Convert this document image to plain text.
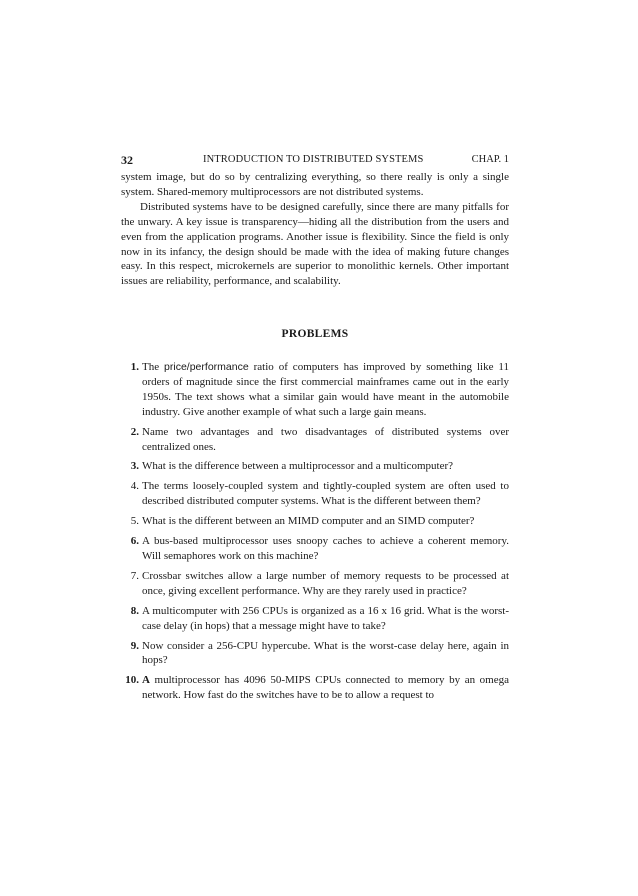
32	INTRODUCTION TO DISTRIBUTED SYSTEMS	CHAP. 1

system image, but do so by centralizing everything, so there really is only a single system. Shared-memory multiprocessors are not distributed systems.

Distributed systems have to be designed carefully, since there are many pitfalls for the unwary. A key issue is transparency—hiding all the distribution from the users and even from the application programs. Another issue is flexibility. Since the field is only now in its infancy, the design should be made with the idea of making future changes easy. In this respect, microkernels are superior to monolithic kernels. Other important issues are reliability, performance, and scalability.

PROBLEMS
1. The price/performance ratio of computers has improved by something like 11 orders of magnitude since the first commercial mainframes came out in the early 1950s. The text shows what a similar gain would have meant in the automobile industry. Give another example of what such a large gain means.
2. Name two advantages and two disadvantages of distributed systems over centralized ones.
3. What is the difference between a multiprocessor and a multicomputer?
4. The terms loosely-coupled system and tightly-coupled system are often used to described distributed computer systems. What is the different between them?
5. What is the different between an MIMD computer and an SIMD computer?
6. A bus-based multiprocessor uses snoopy caches to achieve a coherent memory. Will semaphores work on this machine?
7. Crossbar switches allow a large number of memory requests to be processed at once, giving excellent performance. Why are they rarely used in practice?
8. A multicomputer with 256 CPUs is organized as a 16 x 16 grid. What is the worst-case delay (in hops) that a message might have to take?
9. Now consider a 256-CPU hypercube. What is the worst-case delay here, again in hops?
10. A multiprocessor has 4096 50-MIPS CPUs connected to memory by an omega network. How fast do the switches have to be to allow a request to
